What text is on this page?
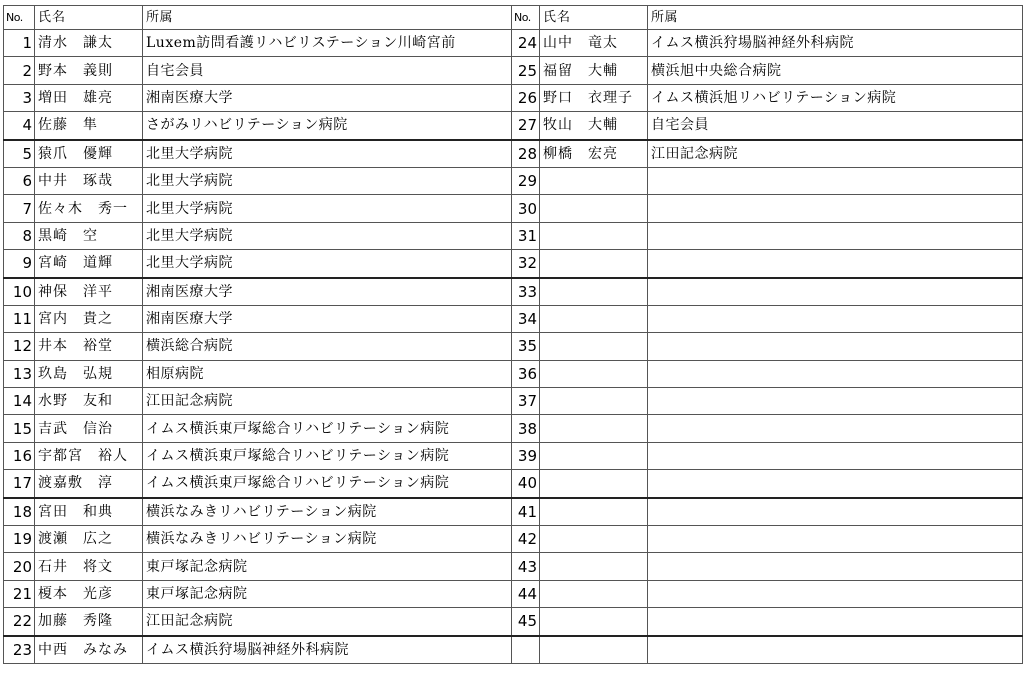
No.	氏名	所属	No.	氏名	所属
1	清水　謙太	Luxem訪問看護リハビリステーション川崎宮前	24	山中　竜太	イムス横浜狩場脳神経外科病院
2	野本　義則	自宅会員	25	福留　大輔	横浜旭中央総合病院
3	増田　雄亮	湘南医療大学	26	野口　衣理子	イムス横浜旭リハビリテーション病院
4	佐藤　隼	さがみリハビリテーション病院	27	牧山　大輔	自宅会員
5	猿爪　優輝	北里大学病院	28	柳橋　宏亮	江田記念病院
6	中井　琢哉	北里大学病院	29		
7	佐々木　秀一	北里大学病院	30		
8	黒崎　空	北里大学病院	31		
9	宮崎　道輝	北里大学病院	32		
10	神保　洋平	湘南医療大学	33		
11	宮内　貴之	湘南医療大学	34		
12	井本　裕堂	横浜総合病院	35		
13	玖島　弘規	相原病院	36		
14	水野　友和	江田記念病院	37		
15	吉武　信治	イムス横浜東戸塚総合リハビリテーション病院	38		
16	宇都宮　裕人	イムス横浜東戸塚総合リハビリテーション病院	39		
17	渡嘉敷　淳	イムス横浜東戸塚総合リハビリテーション病院	40		
18	宮田　和典	横浜なみきリハビリテーション病院	41		
19	渡瀬　広之	横浜なみきリハビリテーション病院	42		
20	石井　将文	東戸塚記念病院	43		
21	榎本　光彦	東戸塚記念病院	44		
22	加藤　秀隆	江田記念病院	45		
23	中西　みなみ	イムス横浜狩場脳神経外科病院			
